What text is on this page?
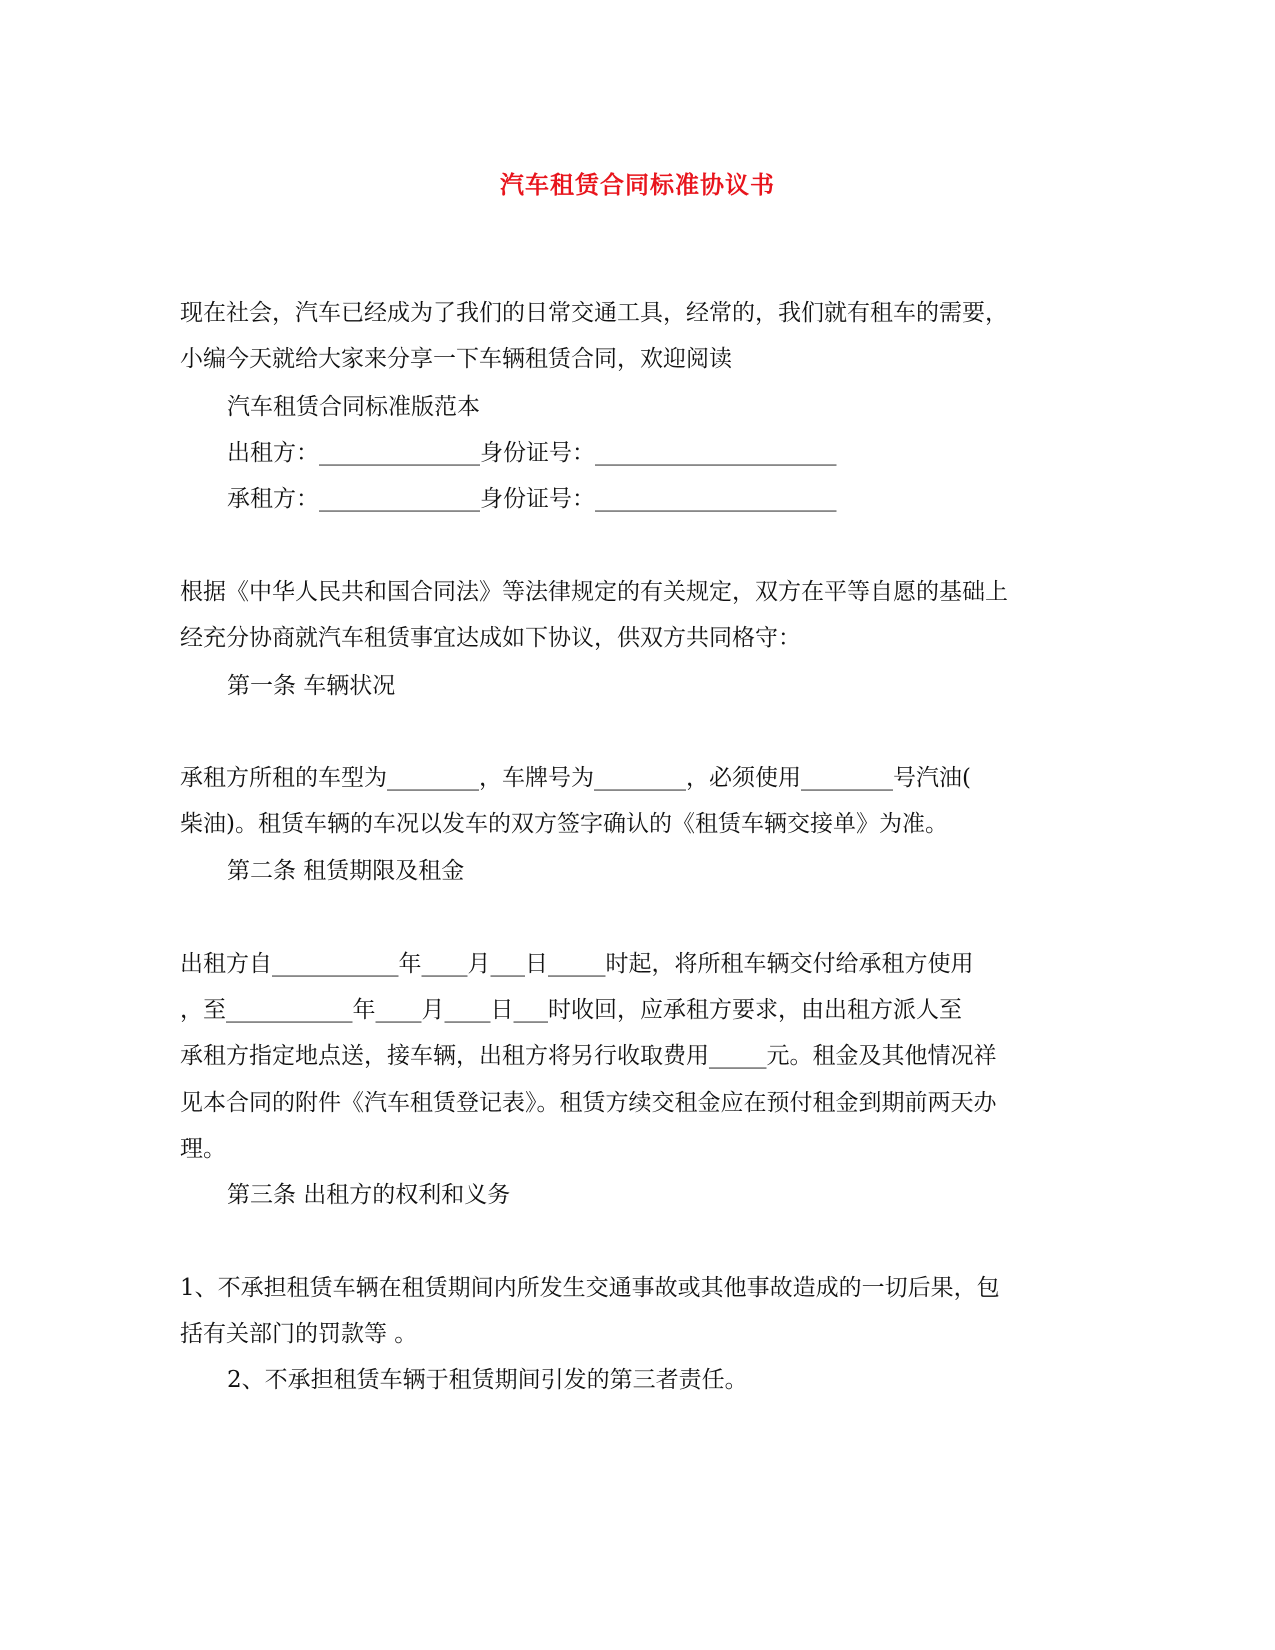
汽车租赁合同标准协议书
现在社会，汽车已经成为了我们的日常交通工具，经常的，我们就有租车的需要，
小编今天就给大家来分享一下车辆租赁合同，欢迎阅读
汽车租赁合同标准版范本
出租方：______________身份证号：_____________________
承租方：______________身份证号：_____________________
根据《中华人民共和国合同法》等法律规定的有关规定，双方在平等自愿的基础上
经充分协商就汽车租赁事宜达成如下协议，供双方共同格守：
第一条 车辆状况
承租方所租的车型为________，车牌号为________，必须使用________号汽油(
柴油)。租赁车辆的车况以发车的双方签字确认的《租赁车辆交接单》为准。
第二条 租赁期限及租金
出租方自___________年____月___日_____时起，将所租车辆交付给承租方使用
，至___________年____月____日___时收回，应承租方要求，由出租方派人至
承租方指定地点送，接车辆，出租方将另行收取费用_____元。租金及其他情况祥
见本合同的附件《汽车租赁登记表》。租赁方续交租金应在预付租金到期前两天办
理。
第三条 出租方的权利和义务
1、不承担租赁车辆在租赁期间内所发生交通事故或其他事故造成的一切后果，包
括有关部门的罚款等 。
2、不承担租赁车辆于租赁期间引发的第三者责任。
